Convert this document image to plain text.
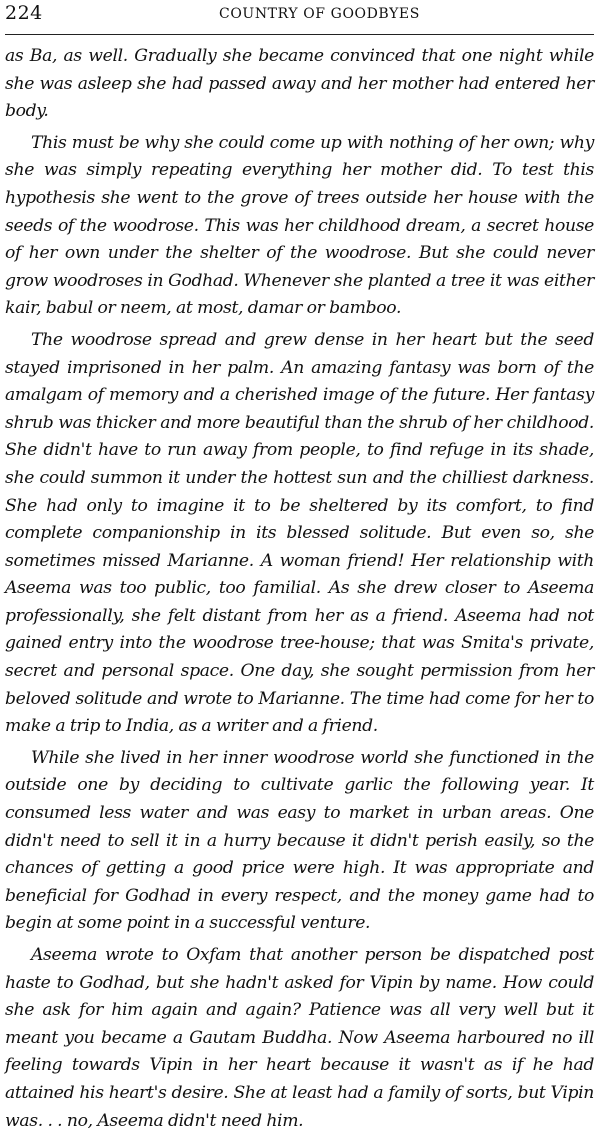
224	COUNTRY OF GOODBYES

as Ba, as well. Gradually she became convinced that one night while she was asleep she had passed away and her mother had entered her body.

This must be why she could come up with nothing of her own; why she was simply repeating everything her mother did. To test this hypothesis she went to the grove of trees outside her house with the seeds of the woodrose. This was her childhood dream, a secret house of her own under the shelter of the woodrose. But she could never grow woodroses in Godhad. Whenever she planted a tree it was either kair, babul or neem, at most, damar or bamboo.

The woodrose spread and grew dense in her heart but the seed stayed imprisoned in her palm. An amazing fantasy was born of the amalgam of memory and a cherished image of the future. Her fantasy shrub was thicker and more beautiful than the shrub of her childhood. She didn't have to run away from people, to find refuge in its shade, she could summon it under the hottest sun and the chilliest darkness. She had only to imagine it to be sheltered by its comfort, to find complete companionship in its blessed solitude. But even so, she sometimes missed Marianne. A woman friend! Her relationship with Aseema was too public, too familial. As she drew closer to Aseema professionally, she felt distant from her as a friend. Aseema had not gained entry into the woodrose tree-house; that was Smita's private, secret and personal space. One day, she sought permission from her beloved solitude and wrote to Marianne. The time had come for her to make a trip to India, as a writer and a friend.

While she lived in her inner woodrose world she functioned in the outside one by deciding to cultivate garlic the following year. It consumed less water and was easy to market in urban areas. One didn't need to sell it in a hurry because it didn't perish easily, so the chances of getting a good price were high. It was appropriate and beneficial for Godhad in every respect, and the money game had to begin at some point in a successful venture.

Aseema wrote to Oxfam that another person be dispatched post haste to Godhad, but she hadn't asked for Vipin by name. How could she ask for him again and again? Patience was all very well but it meant you became a Gautam Buddha. Now Aseema harboured no ill feeling towards Vipin in her heart because it wasn't as if he had attained his heart's desire. She at least had a family of sorts, but Vipin was. . . no, Aseema didn't need him.
